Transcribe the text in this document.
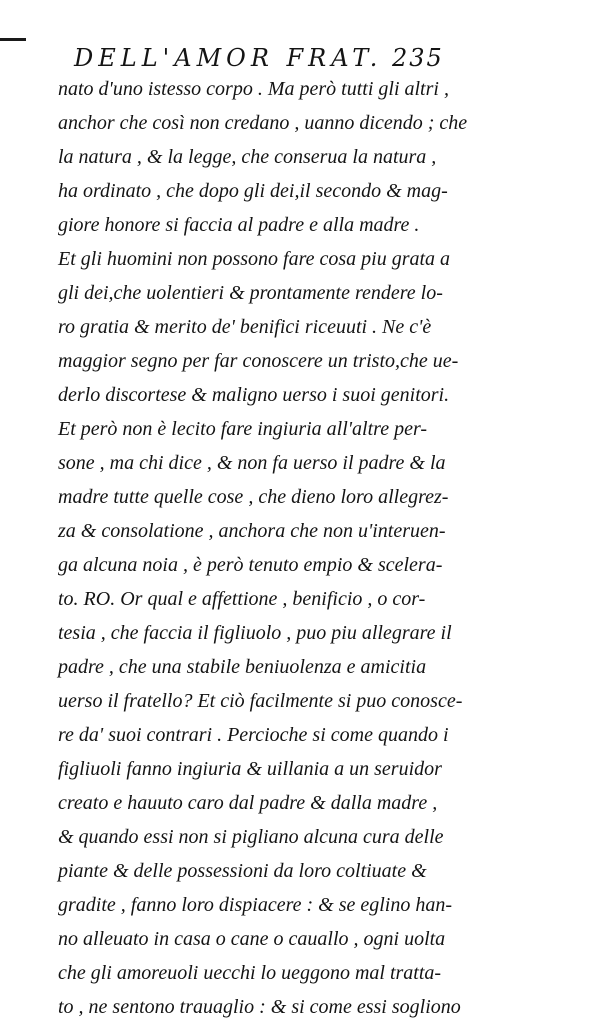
DELL'AMOR FRAT. 235
nato d'uno istesso corpo . Ma però tutti gli altri ,
anchor che così non credano , uanno dicendo ; che
la natura , & la legge, che conserua la natura ,
ha ordinato , che dopo gli dei,il secondo & mag-
giore honore si faccia al padre e alla madre .
Et gli huomini non possono fare cosa piu grata a
gli dei,che uolentieri & prontamente rendere lo-
ro gratia & merito de' benifici riceuuti . Ne c'è
maggior segno per far conoscere un tristo,che ue-
derlo discortese & maligno uerso i suoi genitori.
Et però non è lecito fare ingiuria all'altre per-
sone , ma chi dice , & non fa uerso il padre & la
madre tutte quelle cose , che dieno loro allegrez-
za & consolatione , anchora che non u'interuen-
ga alcuna noia , è però tenuto empio & scelera-
to. RO. Or qual e affettione , benificio , o cor-
tesia , che faccia il figliuolo , puo piu allegrare il
padre , che una stabile beniuolenza e amicitia
uerso il fratello? Et ciò facilmente si puo conosce-
re da' suoi contrari . Percioche si come quando i
figliuoli fanno ingiuria & uillania a un seruidor
creato e hauuto caro dal padre & dalla madre ,
& quando essi non si pigliano alcuna cura delle
piante & delle possessioni da loro coltiuate &
gradite , fanno loro dispiacere : & se eglino han-
no alleuato in casa o cane o cauallo , ogni uolta
che gli amoreuoli uecchi lo ueggono mal tratta-
to , ne sentono trauaglio : & si come essi sogliono
